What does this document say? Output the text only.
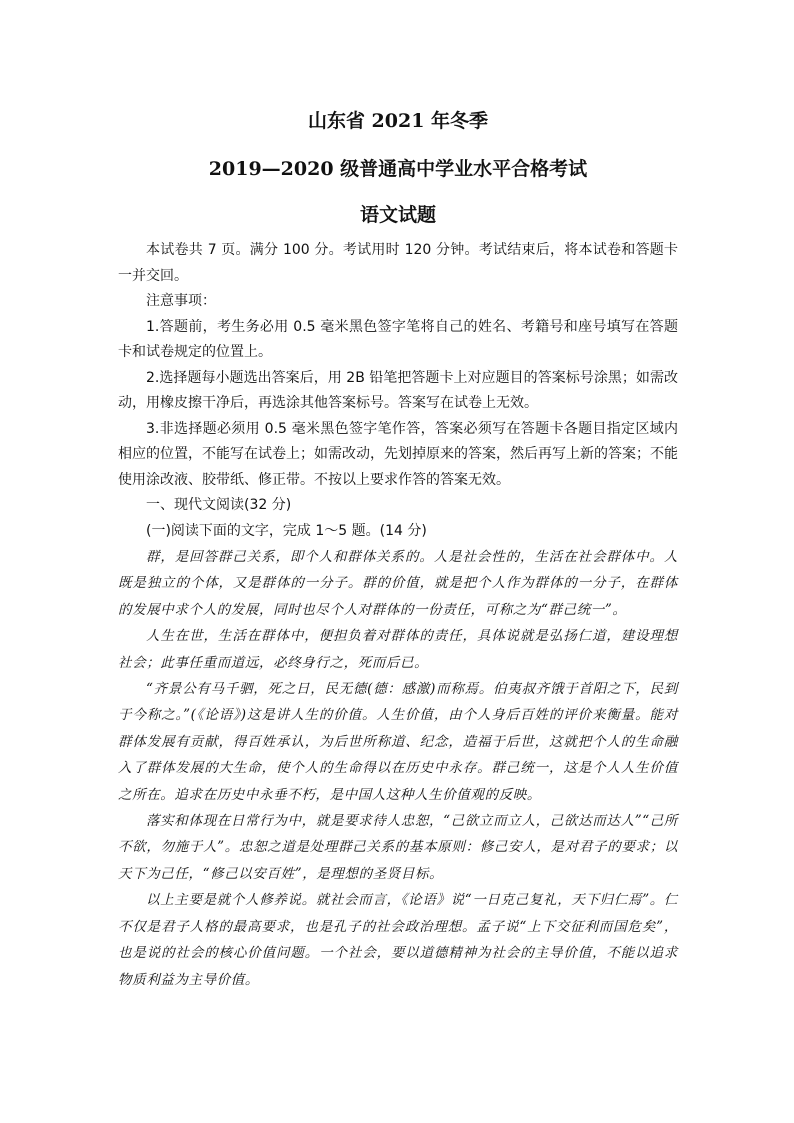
山东省 2021 年冬季
2019—2020 级普通高中学业水平合格考试
语文试题

本试卷共 7 页。满分 100 分。考试用时 120 分钟。考试结束后，将本试卷和答题卡一并交回。

注意事项：

1.答题前，考生务必用 0.5 毫米黑色签字笔将自己的姓名、考籍号和座号填写在答题卡和试卷规定的位置上。

2.选择题每小题选出答案后，用 2B 铅笔把答题卡上对应题目的答案标号涂黑；如需改动，用橡皮擦干净后，再选涂其他答案标号。答案写在试卷上无效。

3.非选择题必须用 0.5 毫米黑色签字笔作答，答案必须写在答题卡各题目指定区域内相应的位置，不能写在试卷上；如需改动，先划掉原来的答案，然后再写上新的答案；不能使用涂改液、胶带纸、修正带。不按以上要求作答的答案无效。

一、现代文阅读(32 分)

(一)阅读下面的文字，完成 1～5 题。(14 分)

群，是回答群己关系，即个人和群体关系的。人是社会性的，生活在社会群体中。人既是独立的个体，又是群体的一分子。群的价值，就是把个人作为群体的一分子，在群体的发展中求个人的发展，同时也尽个人对群体的一份责任，可称之为“群己统一”。

人生在世，生活在群体中，便担负着对群体的责任，具体说就是弘扬仁道，建设理想社会；此事任重而道远，必终身行之，死而后已。

“齐景公有马千驷，死之日，民无德(德：感激)而称焉。伯夷叔齐饿于首阳之下，民到于今称之。”(《论语》)这是讲人生的价值。人生价值，由个人身后百姓的评价来衡量。能对群体发展有贡献，得百姓承认，为后世所称道、纪念，造福于后世，这就把个人的生命融入了群体发展的大生命，使个人的生命得以在历史中永存。群己统一，这是个人人生价值之所在。追求在历史中永垂不朽，是中国人这种人生价值观的反映。

落实和体现在日常行为中，就是要求待人忠恕，“己欲立而立人，己欲达而达人”“己所不欲，勿施于人”。忠恕之道是处理群己关系的基本原则：修己安人，是对君子的要求；以天下为己任，“修己以安百姓”，是理想的圣贤目标。

以上主要是就个人修养说。就社会而言，《论语》说“一日克己复礼，天下归仁焉”。仁不仅是君子人格的最高要求，也是孔子的社会政治理想。孟子说“上下交征利而国危矣”，也是说的社会的核心价值问题。一个社会，要以道德精神为社会的主导价值，不能以追求物质利益为主导价值。
